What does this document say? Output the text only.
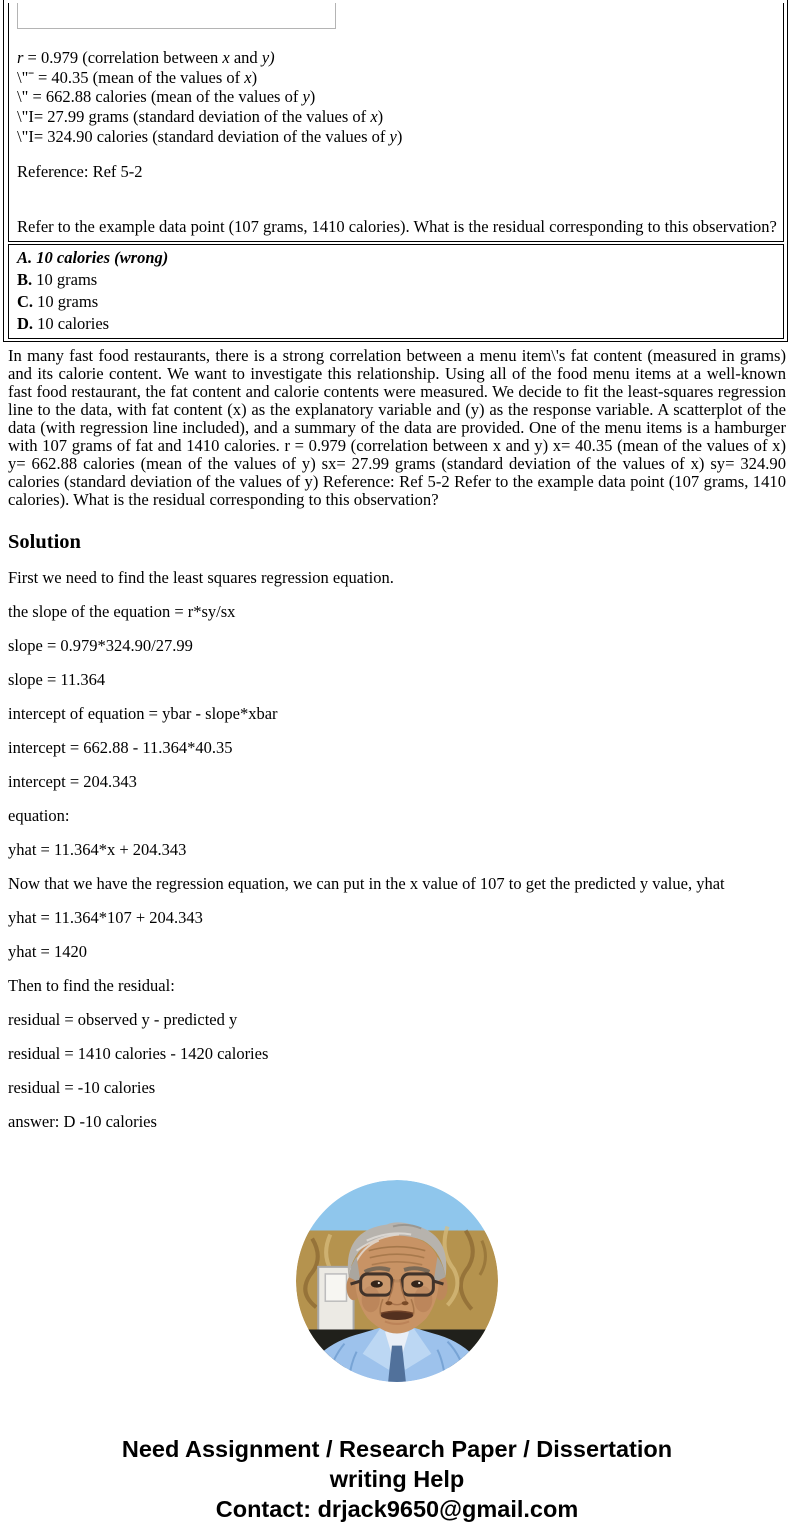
r = 0.979 (correlation between x and y)
\"ˉ = 40.35 (mean of the values of x)
\" = 662.88 calories (mean of the values of y)
\"I= 27.99 grams (standard deviation of the values of x)
\"I= 324.90 calories (standard deviation of the values of y)

Reference: Ref 5-2

Refer to the example data point (107 grams, 1410 calories). What is the residual corresponding to this observation?

A. 10 calories (wrong)
B. 10 grams
C. 10 grams
D. 10 calories

In many fast food restaurants, there is a strong correlation between a menu item\'s fat content (measured in grams) and its calorie content. We want to investigate this relationship. Using all of the food menu items at a well-known fast food restaurant, the fat content and calorie contents were measured. We decide to fit the least-squares regression line to the data, with fat content (x) as the explanatory variable and (y) as the response variable. A scatterplot of the data (with regression line included), and a summary of the data are provided. One of the menu items is a hamburger with 107 grams of fat and 1410 calories. r = 0.979 (correlation between x and y) x= 40.35 (mean of the values of x) y= 662.88 calories (mean of the values of y) sx= 27.99 grams (standard deviation of the values of x) sy= 324.90 calories (standard deviation of the values of y) Reference: Ref 5-2 Refer to the example data point (107 grams, 1410 calories). What is the residual corresponding to this observation?

Solution

First we need to find the least squares regression equation.

the slope of the equation = r*sy/sx

slope = 0.979*324.90/27.99

slope = 11.364

intercept of equation = ybar - slope*xbar

intercept = 662.88 - 11.364*40.35

intercept = 204.343

equation:

yhat = 11.364*x + 204.343

Now that we have the regression equation, we can put in the x value of 107 to get the predicted y value, yhat

yhat = 11.364*107 + 204.343

yhat = 1420

Then to find the residual:

residual = observed y - predicted y

residual = 1410 calories - 1420 calories

residual = -10 calories

answer: D -10 calories

Need Assignment / Research Paper / Dissertation
writing Help
Contact: drjack9650@gmail.com
